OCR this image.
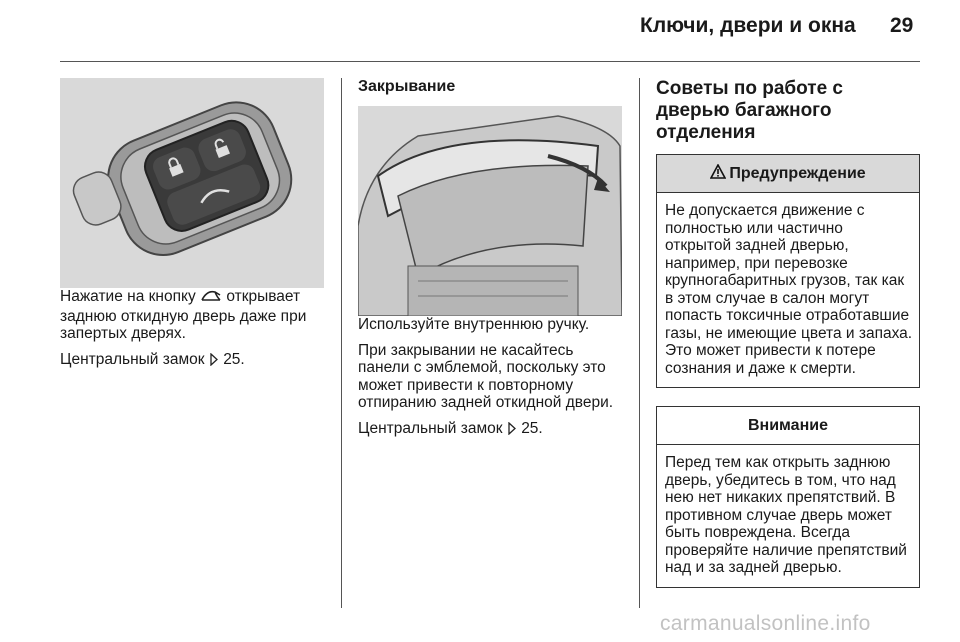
Ключи, двери и окна 29

Нажатие на кнопку открывает заднюю откидную дверь даже при запертых дверях.

Центральный замок 25.

Закрывание

Используйте внутреннюю ручку.

При закрывании не касайтесь панели с эмблемой, поскольку это может привести к повторному отпиранию задней откидной двери.

Центральный замок 25.

Советы по работе с дверью багажного отделения
Предупреждение
Не допускается движение с полностью или частично открытой задней дверью, например, при перевозке крупногабаритных грузов, так как в этом случае в салон могут попасть токсичные отработавшие газы, не имеющие цвета и запаха. Это может привести к потере сознания и даже к смерти.
Внимание
Перед тем как открыть заднюю дверь, убедитесь в том, что над нею нет никаких препятствий. В противном случае дверь может быть повреждена. Всегда проверяйте наличие препятствий над и за задней дверью.
carmanualsonline.info
